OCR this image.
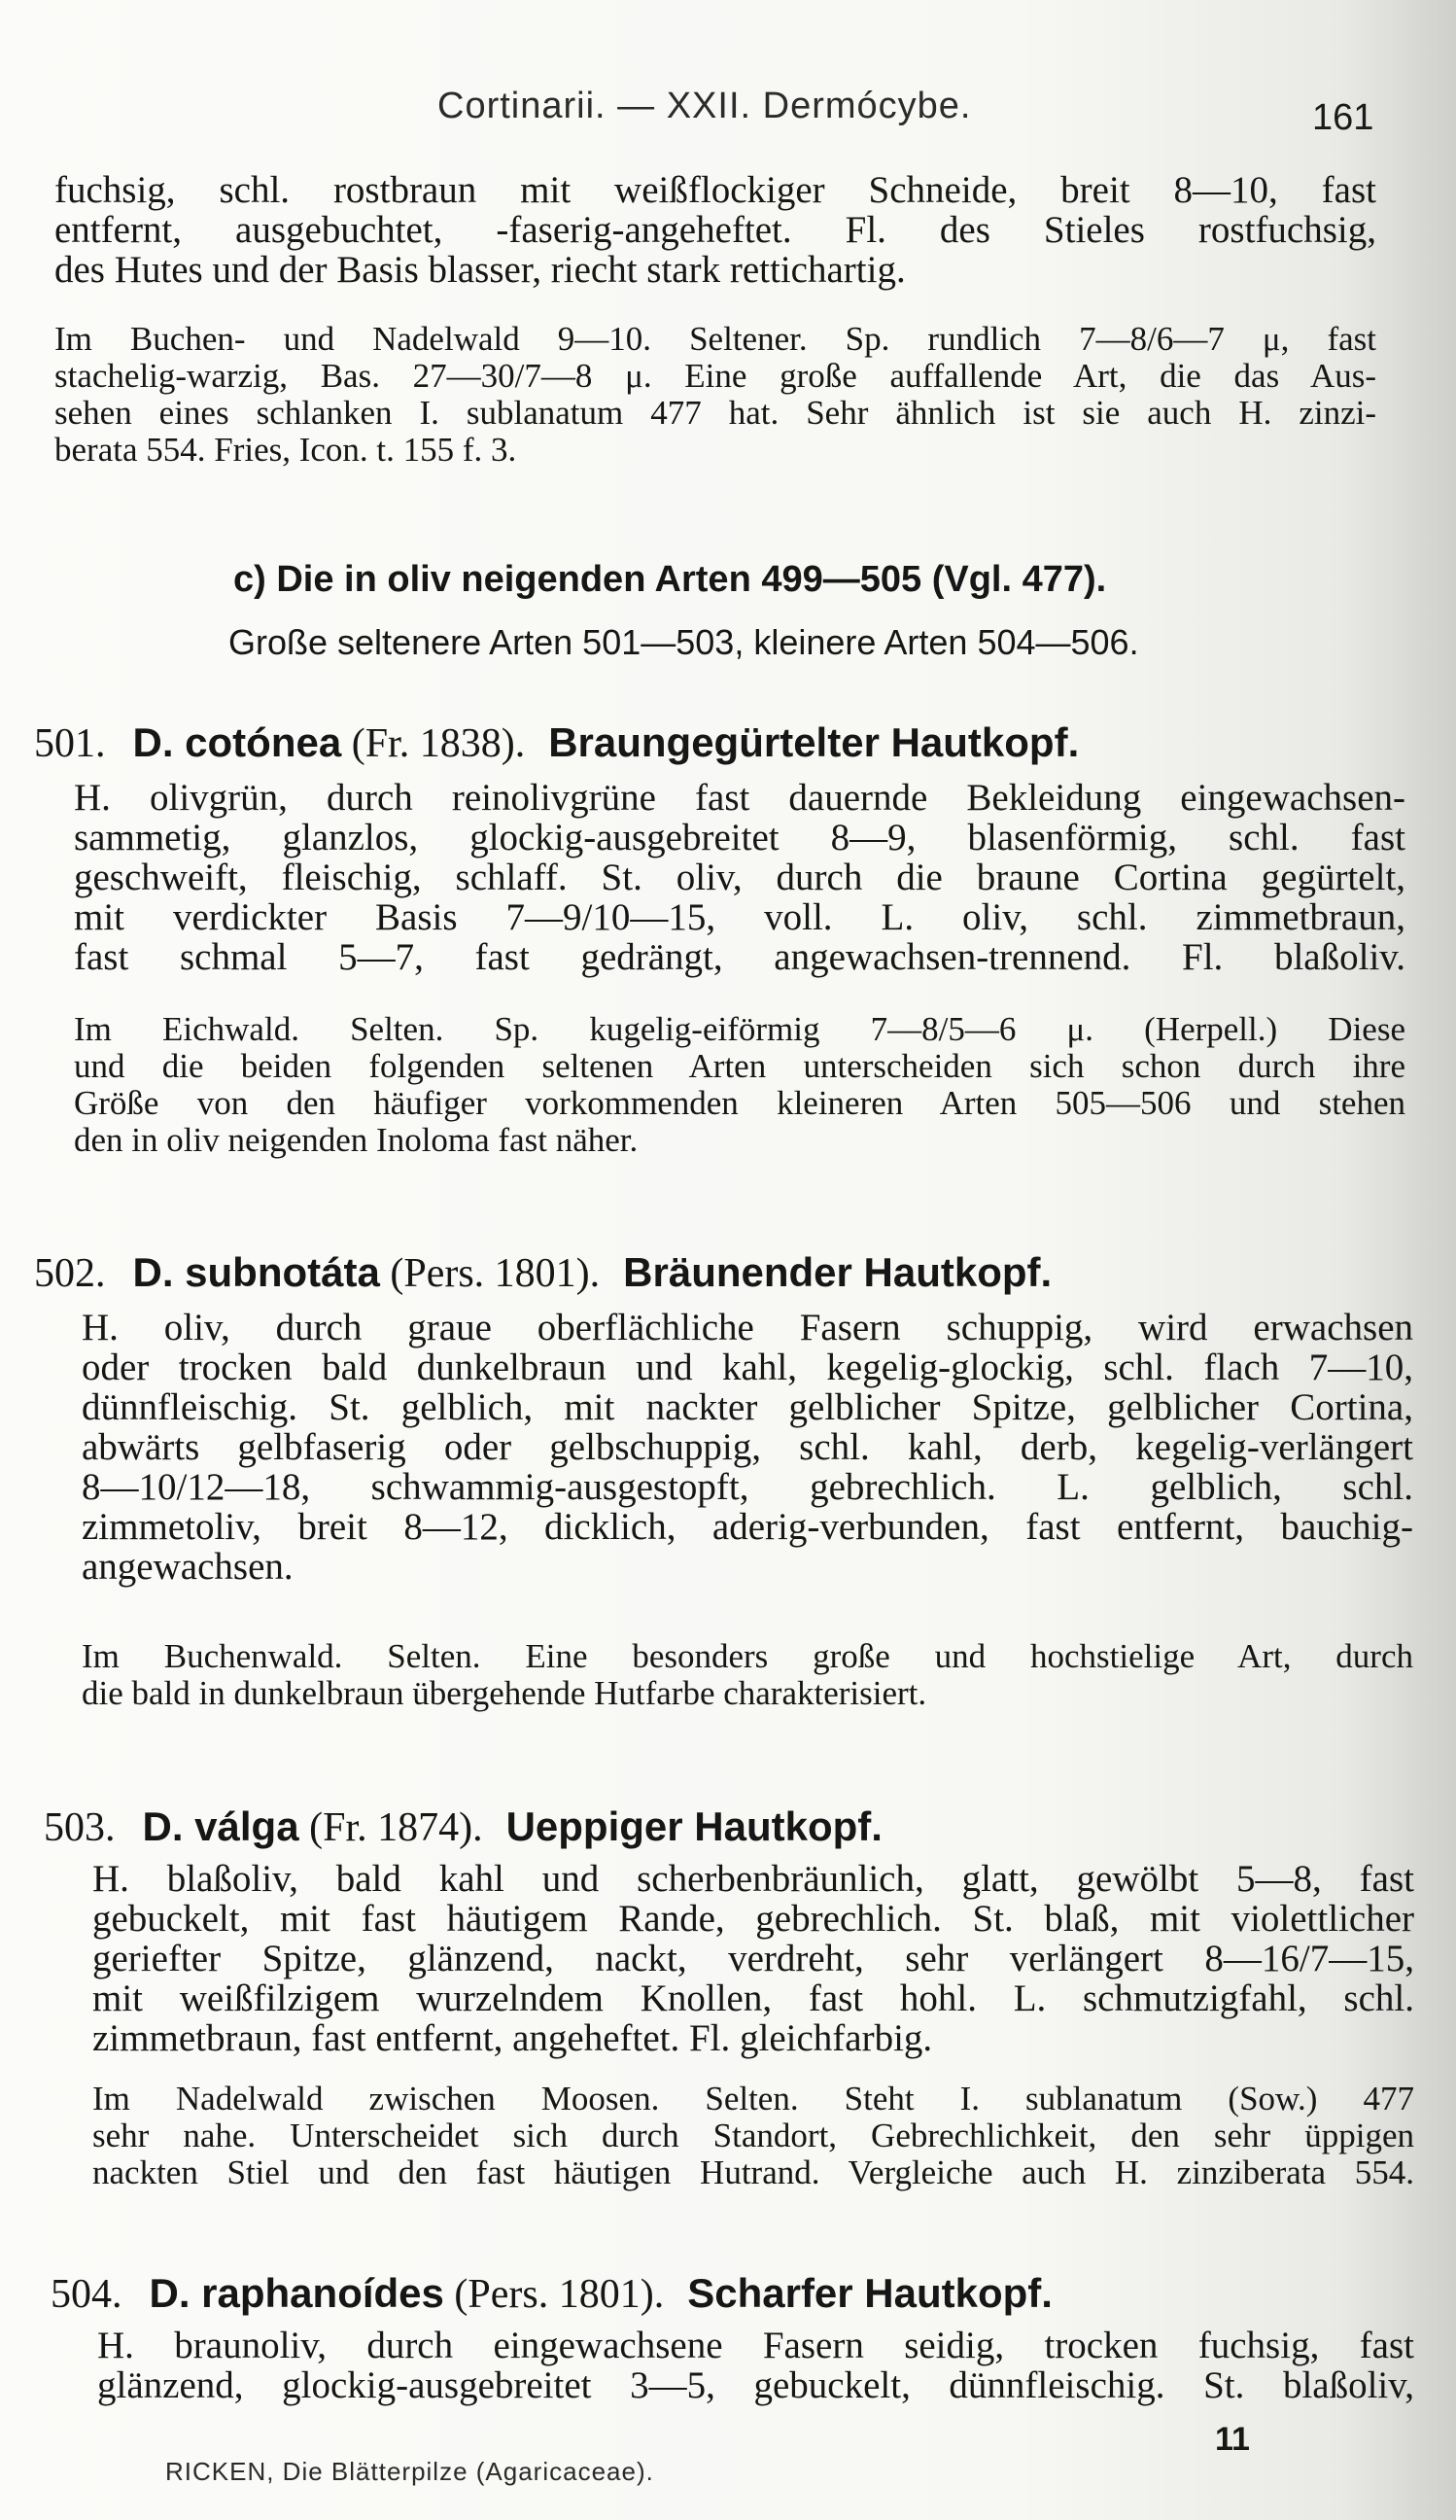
Cortinarii. — XXII. Dermócybe.	161
fuchsig, schl. rostbraun mit weißflockiger Schneide, breit 8—10, fast
entfernt, ausgebuchtet, -faserig-angeheftet. Fl. des Stieles rostfuchsig,
des Hutes und der Basis blasser, riecht stark rettichartig.
Im Buchen- und Nadelwald 9—10. Seltener. Sp. rundlich 7—8/6—7 μ, fast
stachelig-warzig, Bas. 27—30/7—8 μ. Eine große auffallende Art, die das Aus-
sehen eines schlanken I. sublanatum 477 hat. Sehr ähnlich ist sie auch H. zinzi-
berata 554. Fries, Icon. t. 155 f. 3.
c) Die in oliv neigenden Arten 499—505 (Vgl. 477).
Große seltenere Arten 501—503, kleinere Arten 504—506.
501. D. cotónea (Fr. 1838). Braungegürtelter Hautkopf.
H. olivgrün, durch reinolivgrüne fast dauernde Bekleidung eingewachsen-
sammetig, glanzlos, glockig-ausgebreitet 8—9, blasenförmig, schl. fast
geschweift, fleischig, schlaff. St. oliv, durch die braune Cortina gegürtelt,
mit verdickter Basis 7—9/10—15, voll. L. oliv, schl. zimmetbraun,
fast schmal 5—7, fast gedrängt, angewachsen-trennend. Fl. blaßoliv.
Im Eichwald. Selten. Sp. kugelig-eiförmig 7—8/5—6 μ. (Herpell.) Diese
und die beiden folgenden seltenen Arten unterscheiden sich schon durch ihre
Größe von den häufiger vorkommenden kleineren Arten 505—506 und stehen
den in oliv neigenden Inoloma fast näher.
502. D. subnotáta (Pers. 1801). Bräunender Hautkopf.
H. oliv, durch graue oberflächliche Fasern schuppig, wird erwachsen
oder trocken bald dunkelbraun und kahl, kegelig-glockig, schl. flach 7—10,
dünnfleischig. St. gelblich, mit nackter gelblicher Spitze, gelblicher Cortina,
abwärts gelbfaserig oder gelbschuppig, schl. kahl, derb, kegelig-verlängert
8—10/12—18, schwammig-ausgestopft, gebrechlich. L. gelblich, schl.
zimmetoliv, breit 8—12, dicklich, aderig-verbunden, fast entfernt, bauchig-
angewachsen.
Im Buchenwald. Selten. Eine besonders große und hochstielige Art, durch
die bald in dunkelbraun übergehende Hutfarbe charakterisiert.
503. D. válga (Fr. 1874). Ueppiger Hautkopf.
H. blaßoliv, bald kahl und scherbenbräunlich, glatt, gewölbt 5—8, fast
gebuckelt, mit fast häutigem Rande, gebrechlich. St. blaß, mit violettlicher
geriefter Spitze, glänzend, nackt, verdreht, sehr verlängert 8—16/7—15,
mit weißfilzigem wurzelndem Knollen, fast hohl. L. schmutzigfahl, schl.
zimmetbraun, fast entfernt, angeheftet. Fl. gleichfarbig.
Im Nadelwald zwischen Moosen. Selten. Steht I. sublanatum (Sow.) 477
sehr nahe. Unterscheidet sich durch Standort, Gebrechlichkeit, den sehr üppigen
nackten Stiel und den fast häutigen Hutrand. Vergleiche auch H. zinziberata 554.
504. D. raphanoídes (Pers. 1801). Scharfer Hautkopf.
H. braunoliv, durch eingewachsene Fasern seidig, trocken fuchsig, fast
glänzend, glockig-ausgebreitet 3—5, gebuckelt, dünnfleischig. St. blaßoliv,
RICKEN, Die Blätterpilze (Agaricaceae).
11
